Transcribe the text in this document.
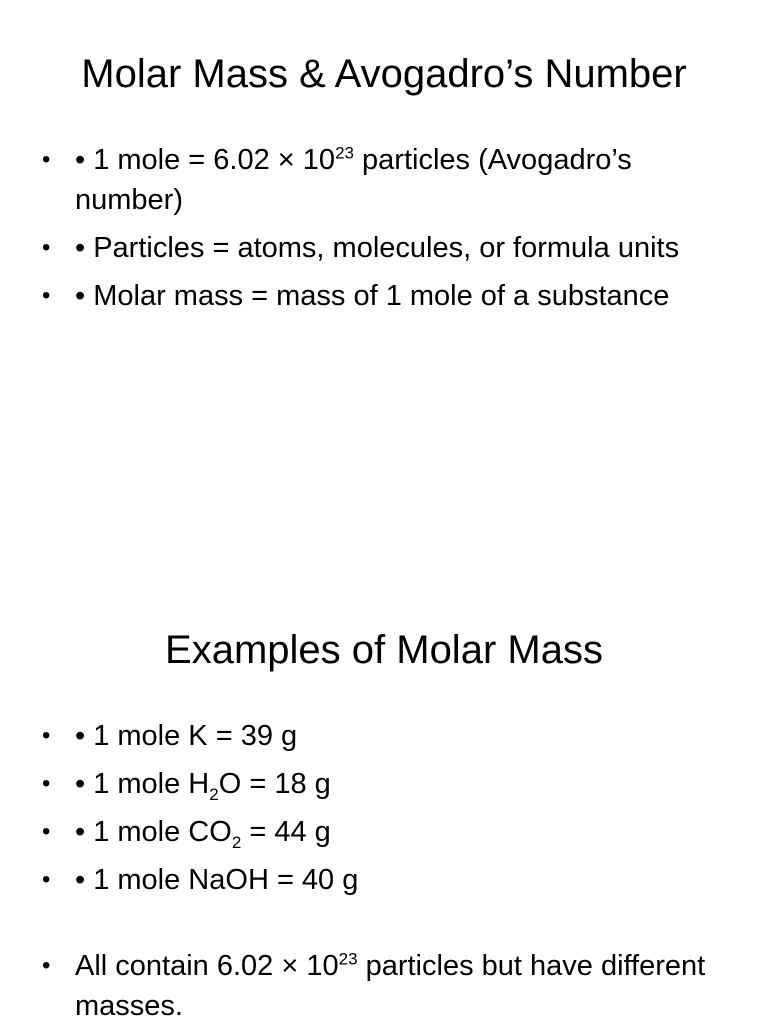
Molar Mass & Avogadro’s Number
• • 1 mole = $6.02 \times 10^{23}$ particles (Avogadro’s number)
• • Particles = atoms, molecules, or formula units
• • Molar mass = mass of 1 mole of a substance
Examples of Molar Mass
• • 1 mole K = 39 g
• • 1 mole $H_2O = 18$ g
• • 1 mole $CO_2 = 44$ g
• • 1 mole NaOH = 40 g
• All contain $6.02 \times 10^{23}$ particles but have different masses.
